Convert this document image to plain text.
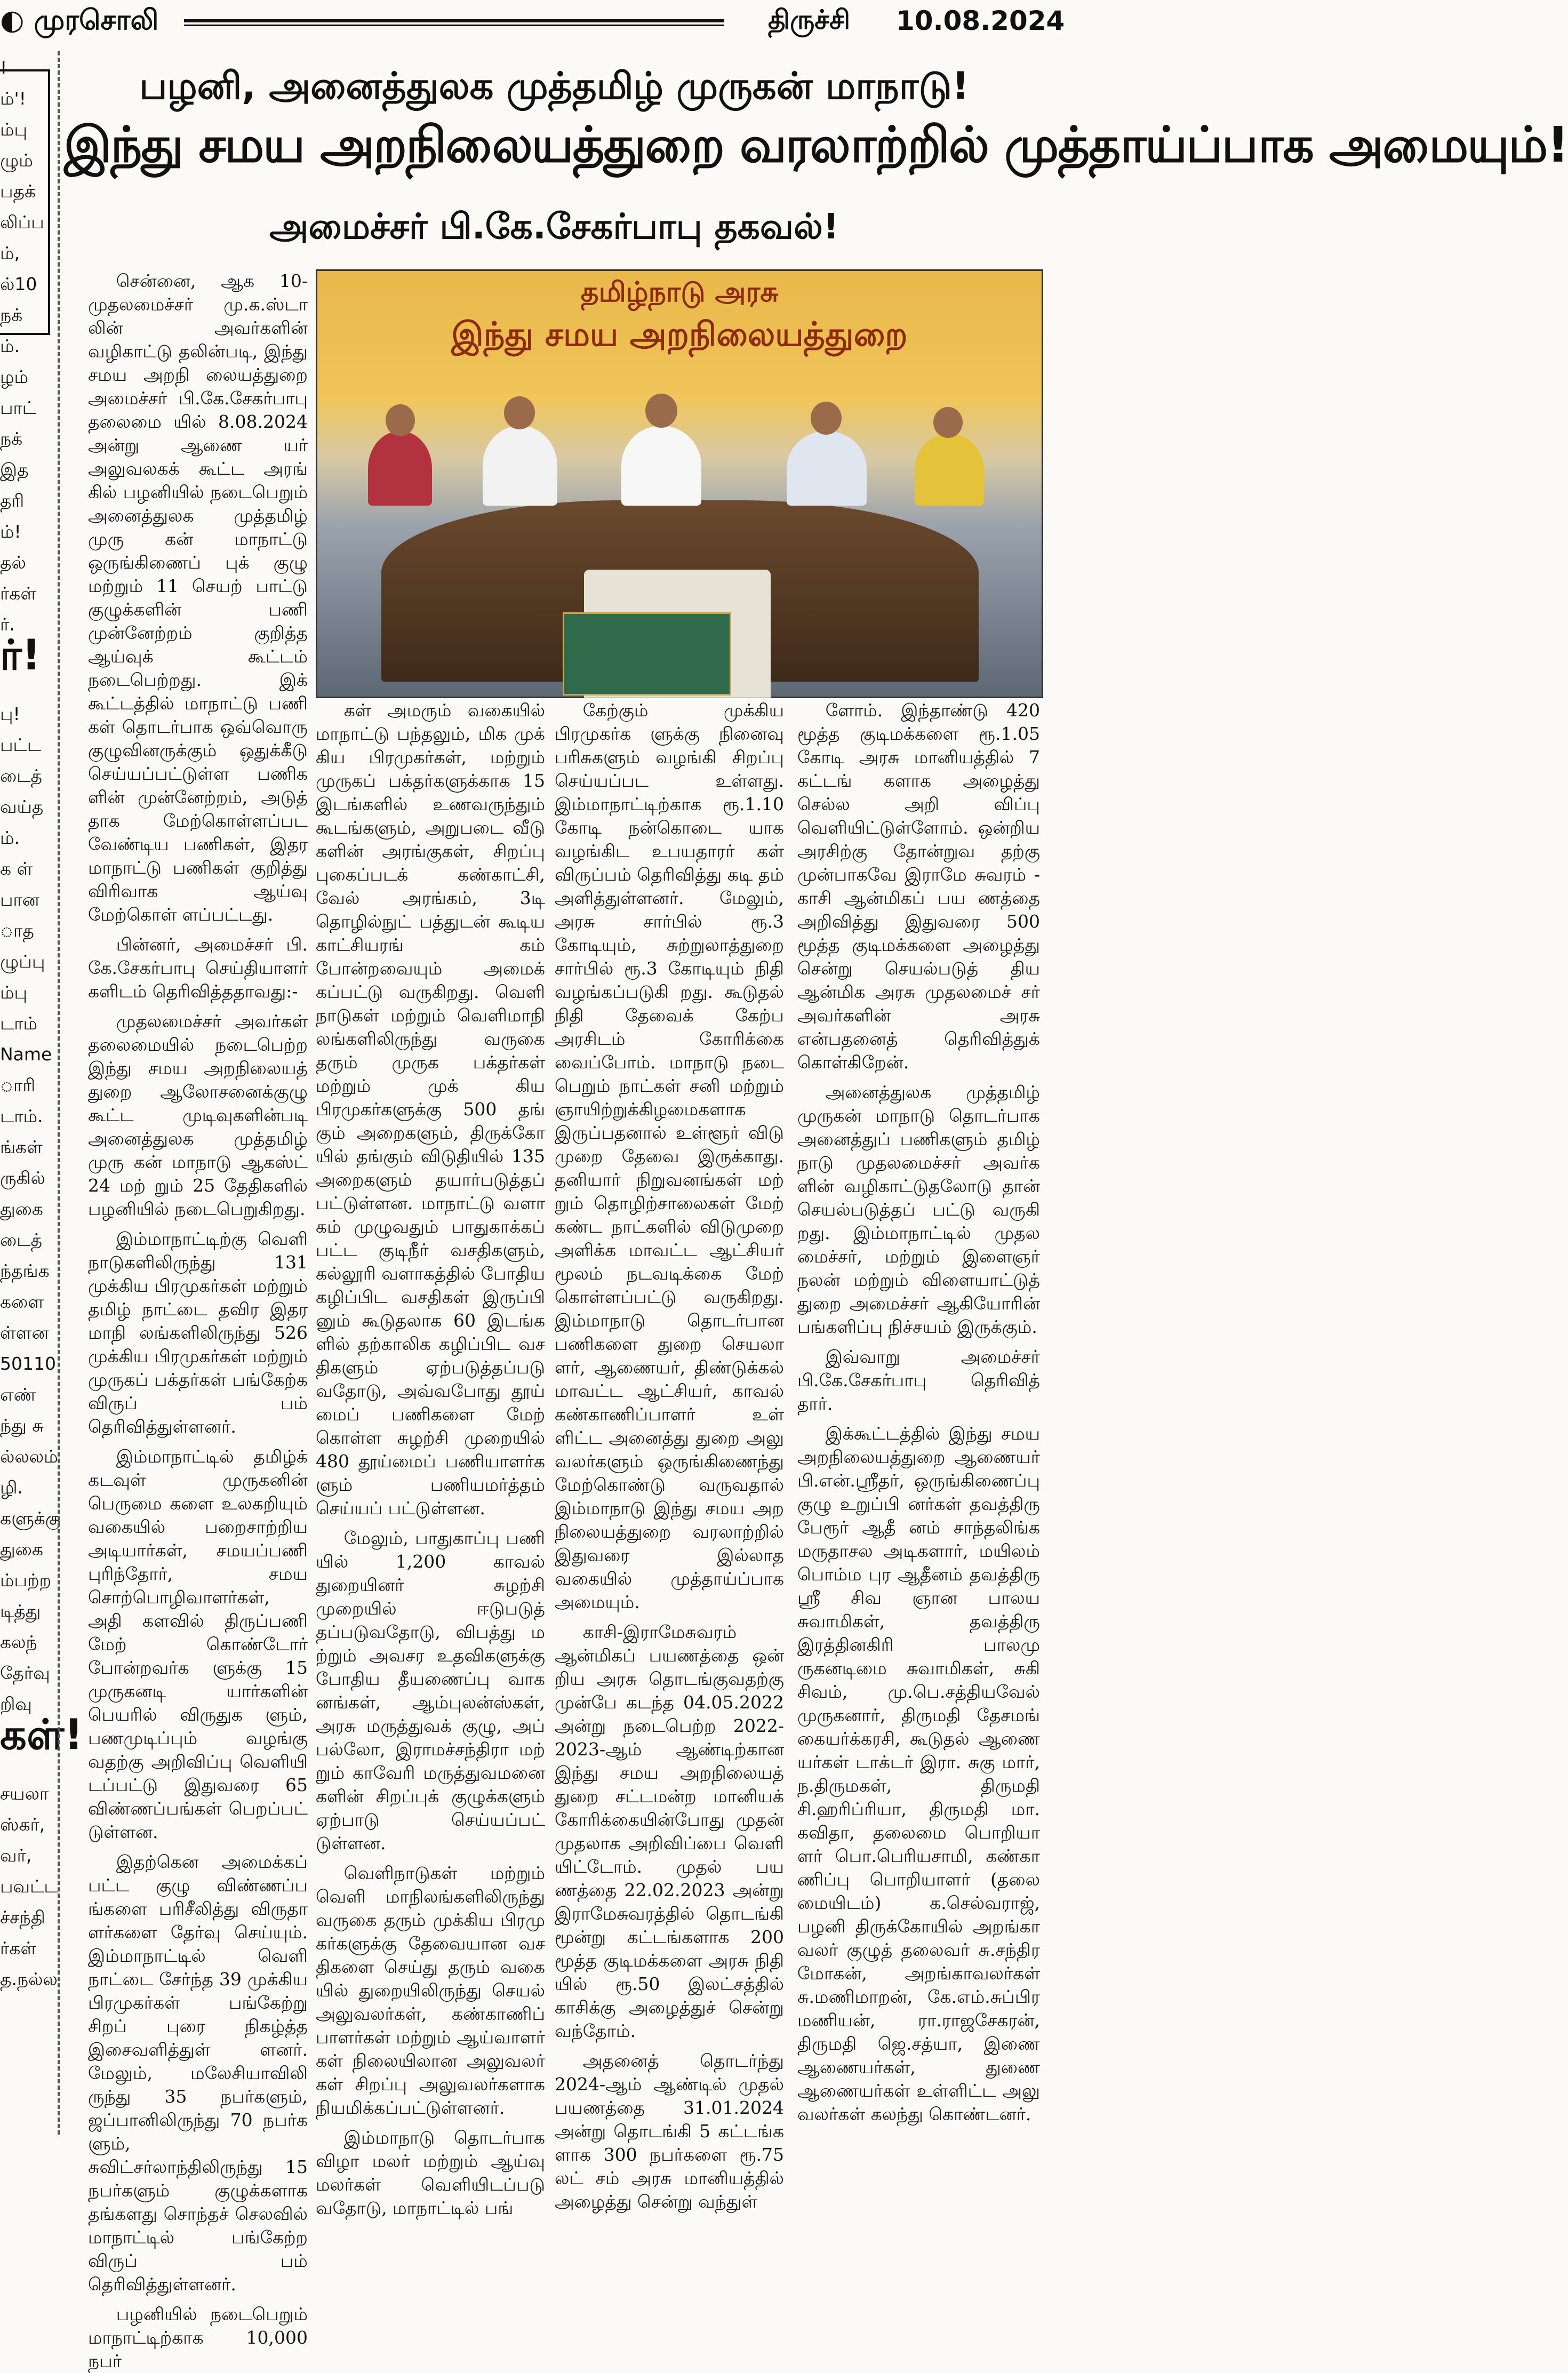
◐ முரசொலி	திருச்சி 10.08.2024
!
ம்'!
ம்பு
ழும்
பதக்
லிப்ப
ம்,
ல்10
நக்
ம்.
ழம்
பாட்
நக்
இத
தரி
ம்!
தல்
ர்கள்
ர்.
ர்!
பு!
பட்ட
டைத்
வய்த
ம்.
க ள்
பான
ாத
ழுப்பு
ம்பு
டாம்
Name
ாரி
டாம்.
ங்கள்
ருகில்
துகை
டைத்
ந்தங்க
களை
ள்ளன
50110
எண்
ந்து சு
ல்லலம்
ழி.
களுக்கு
துகை
ம்பற்ற
டித்து
கலந்
தேர்வு
றிவு
கள்!
சயலா
ஸ்கர்,
வர்,
பவட்ட
ச்சந்தி
ர்கள்
த.நல்ல
பழனி, அனைத்துலக முத்தமிழ் முருகன் மாநாடு!
இந்து சமய அறநிலையத்துறை வரலாற்றில் முத்தாய்ப்பாக அமையும்!
அமைச்சர் பி.கே.சேகர்பாபு தகவல்!

சென்னை, ஆக 10- முதலமைச்சர் மு.க.ஸ்டா லின் அவர்களின் வழிகாட்டு தலின்படி, இந்து சமய அறநி லையத்துறை அமைச்சர் பி.கே.சேகர்பாபு தலைமை யில் 8.08.2024 அன்று ஆணை யர் அலுவலகக் கூட்ட அரங் கில் பழனியில் நடைபெறும் அனைத்துலக முத்தமிழ் முரு கன் மாநாட்டு ஒருங்கிணைப் புக் குழு மற்றும் 11 செயற் பாட்டு குழுக்களின் பணி முன்னேற்றம் குறித்த ஆய்வுக் கூட்டம் நடைபெற்றது. இக் கூட்டத்தில் மாநாட்டு பணி கள் தொடர்பாக ஒவ்வொரு குழுவினருக்கும் ஒதுக்கீடு செய்யப்பட்டுள்ள பணிக ளின் முன்னேற்றம், அடுத் தாக மேற்கொள்ளப்பட வேண்டிய பணிகள், இதர மாநாட்டு பணிகள் குறித்து விரிவாக ஆய்வு மேற்கொள் ளப்பட்டது.

பின்னர், அமைச்சர் பி. கே.சேகர்பாபு செய்தியாளர் களிடம் தெரிவித்ததாவது:-

முதலமைச்சர் அவர்கள் தலைமையில் நடைபெற்ற இந்து சமய அறநிலையத் துறை ஆலோசனைக்குழு கூட்ட முடிவுகளின்படி அனைத்துலக முத்தமிழ் முரு கன் மாநாடு ஆகஸ்ட் 24 மற் றும் 25 தேதிகளில் பழனியில் நடைபெறுகிறது.

இம்மாநாட்டிற்கு வெளி நாடுகளிலிருந்து 131 முக்கிய பிரமுகர்கள் மற்றும் தமிழ் நாட்டை தவிர இதர மாநி லங்களிலிருந்து 526 முக்கிய பிரமுகர்கள் மற்றும் முருகப் பக்தர்கள் பங்கேற்க விருப் பம் தெரிவித்துள்ளனர்.

இம்மாநாட்டில் தமிழ்க் கடவுள் முருகனின் பெருமை களை உலகறியும் வகையில் பறைசாற்றிய அடியார்கள், சமயப்பணி புரிந்தோர், சமய சொற்பொழிவாளர்கள், அதி களவில் திருப்பணி மேற் கொண்டோர் போன்றவர்க ளுக்கு 15 முருகனடி யார்களின் பெயரில் விருதுக ளும், பணமுடிப்பும் வழங்கு வதற்கு அறிவிப்பு வெளியி டப்பட்டு இதுவரை 65 விண்ணப்பங்கள் பெறப்பட் டுள்ளன.

இதற்கென அமைக்கப் பட்ட குழு விண்ணப்ப ங்களை பரிசீலித்து விருதா ளர்களை தேர்வு செய்யும். இம்மாநாட்டில் வெளி நாட்டை சேர்ந்த 39 முக்கிய பிரமுகர்கள் பங்கேற்று சிறப் புரை நிகழ்த்த இசைவளித்துள் ளனர். மேலும், மலேசியாவிலி ருந்து 35 நபர்களும், ஜப்பானிலிருந்து 70 நபர்க ளும், சுவிட்சர்லாந்திலிருந்து 15 நபர்களும் குழுக்களாக தங்களது சொந்தச் செலவில் மாநாட்டில் பங்கேற்ற விருப் பம் தெரிவித்துள்ளனர்.

பழனியில் நடைபெறும் மாநாட்டிற்காக 10,000 நபர்

தமிழ்நாடு அரசு
இந்து சமய அறநிலையத்துறை

கள் அமரும் வகையில் மாநாட்டு பந்தலும், மிக முக் கிய பிரமுகர்கள், மற்றும் முருகப் பக்தர்களுக்காக 15 இடங்களில் உணவருந்தும் கூடங்களும், அறுபடை வீடு களின் அரங்குகள், சிறப்பு புகைப்படக் கண்காட்சி, வேல் அரங்கம், 3டி தொழில்நுட் பத்துடன் கூடிய காட்சியரங் கம் போன்றவையும் அமைக் கப்பட்டு வருகிறது. வெளி நாடுகள் மற்றும் வெளிமாநி லங்களிலிருந்து வருகை தரும் முருக பக்தர்கள் மற்றும் முக் கிய பிரமுகர்களுக்கு 500 தங் கும் அறைகளும், திருக்கோ யில் தங்கும் விடுதியில் 135 அறைகளும் தயார்படுத்தப் பட்டுள்ளன. மாநாட்டு வளா கம் முழுவதும் பாதுகாக்கப் பட்ட குடிநீர் வசதிகளும், கல்லூரி வளாகத்தில் போதிய கழிப்பிட வசதிகள் இருப்பி னும் கூடுதலாக 60 இடங்க ளில் தற்காலிக கழிப்பிட வச திகளும் ஏற்படுத்தப்படு வதோடு, அவ்வபோது தூய் மைப் பணிகளை மேற் கொள்ள சுழற்சி முறையில் 480 தூய்மைப் பணியாளர்க ளும் பணியமர்த்தம் செய்யப் பட்டுள்ளன.

மேலும், பாதுகாப்பு பணி யில் 1,200 காவல் துறையினர் சுழற்சி முறையில் ஈடுபடுத் தப்படுவதோடு, விபத்து ம ற்றும் அவசர உதவிகளுக்கு போதிய தீயணைப்பு வாக னங்கள், ஆம்புலன்ஸ்கள், அரசு மருத்துவக் குழு, அப் பல்லோ, இராமச்சந்திரா மற் றும் காவேரி மருத்துவமனை களின் சிறப்புக் குழுக்களும் ஏற்பாடு செய்யப்பட் டுள்ளன.

வெளிநாடுகள் மற்றும் வெளி மாநிலங்களிலிருந்து வருகை தரும் முக்கிய பிரமு கர்களுக்கு தேவையான வச திகளை செய்து தரும் வகை யில் துறையிலிருந்து செயல் அலுவலர்கள், கண்காணிப் பாளர்கள் மற்றும் ஆய்வாளர் கள் நிலையிலான அலுவலர் கள் சிறப்பு அலுவலர்களாக நியமிக்கப்பட்டுள்ளனர்.

இம்மாநாடு தொடர்பாக விழா மலர் மற்றும் ஆய்வு மலர்கள் வெளியிடப்படு வதோடு, மாநாட்டில் பங்

கேற்கும் முக்கிய பிரமுகர்க ளுக்கு நினைவு பரிசுகளும் வழங்கி சிறப்பு செய்யப்பட உள்ளது. இம்மாநாட்டிற்காக ரூ.1.10 கோடி நன்கொடை யாக வழங்கிட உபயதாரர் கள் விருப்பம் தெரிவித்து கடி தம் அளித்துள்ளனர். மேலும், அரசு சார்பில் ரூ.3 கோடியும், சுற்றுலாத்துறை சார்பில் ரூ.3 கோடியும் நிதி வழங்கப்படுகி றது. கூடுதல் நிதி தேவைக் கேற்ப அரசிடம் கோரிக்கை வைப்போம். மாநாடு நடை பெறும் நாட்கள் சனி மற்றும் ஞாயிற்றுக்கிழமைகளாக இருப்பதனால் உள்ளூர் விடு முறை தேவை இருக்காது. தனியார் நிறுவனங்கள் மற் றும் தொழிற்சாலைகள் மேற் கண்ட நாட்களில் விடுமுறை அளிக்க மாவட்ட ஆட்சியர் மூலம் நடவடிக்கை மேற் கொள்ளப்பட்டு வருகிறது. இம்மாநாடு தொடர்பான பணிகளை துறை செயலா ளர், ஆணையர், திண்டுக்கல் மாவட்ட ஆட்சியர், காவல் கண்காணிப்பாளர் உள் ளிட்ட அனைத்து துறை அலு வலர்களும் ஒருங்கிணைந்து மேற்கொண்டு வருவதால் இம்மாநாடு இந்து சமய அற நிலையத்துறை வரலாற்றில் இதுவரை இல்லாத வகையில் முத்தாய்ப்பாக அமையும்.

காசி-இராமேசுவரம் ஆன்மிகப் பயணத்தை ஒன் றிய அரசு தொடங்குவதற்கு முன்பே கடந்த 04.05.2022 அன்று நடைபெற்ற 2022-2023-ஆம் ஆண்டிற்கான இந்து சமய அறநிலையத் துறை சட்டமன்ற மானியக் கோரிக்கையின்போது முதன் முதலாக அறிவிப்பை வெளி யிட்டோம். முதல் பய ணத்தை 22.02.2023 அன்று இராமேசுவரத்தில் தொடங்கி மூன்று கட்டங்களாக 200 மூத்த குடிமக்களை அரசு நிதி யில் ரூ.50 இலட்சத்தில் காசிக்கு அழைத்துச் சென்று வந்தோம்.

அதனைத் தொடர்ந்து 2024-ஆம் ஆண்டில் முதல் பயணத்தை 31.01.2024 அன்று தொடங்கி 5 கட்டங்க ளாக 300 நபர்களை ரூ.75 லட் சம் அரசு மானியத்தில் அழைத்து சென்று வந்துள்

ளோம். இந்தாண்டு 420 மூத்த குடிமக்களை ரூ.1.05 கோடி அரசு மானியத்தில் 7 கட்டங் களாக அழைத்து செல்ல அறி விப்பு வெளியிட்டுள்ளோம். ஒன்றிய அரசிற்கு தோன்றுவ தற்கு முன்பாகவே இராமே சுவரம் - காசி ஆன்மிகப் பய ணத்தை அறிவித்து இதுவரை 500 மூத்த குடிமக்களை அழைத்து சென்று செயல்படுத் திய ஆன்மிக அரசு முதலமைச் சர் அவர்களின் அரசு என்பதனைத் தெரிவித்துக் கொள்கிறேன்.

அனைத்துலக முத்தமிழ் முருகன் மாநாடு தொடர்பாக அனைத்துப் பணிகளும் தமிழ் நாடு முதலமைச்சர் அவர்க ளின் வழிகாட்டுதலோடு தான் செயல்படுத்தப் பட்டு வருகி றது. இம்மாநாட்டில் முதல மைச்சர், மற்றும் இளைஞர் நலன் மற்றும் விளையாட்டுத் துறை அமைச்சர் ஆகியோரின் பங்களிப்பு நிச்சயம் இருக்கும்.

இவ்வாறு அமைச்சர் பி.கே.சேகர்பாபு தெரிவித் தார்.

இக்கூட்டத்தில் இந்து சமய அறநிலையத்துறை ஆணையர் பி.என்.ஸ்ரீதர், ஒருங்கிணைப்பு குழு உறுப்பி னர்கள் தவத்திரு பேரூர் ஆதீ னம் சாந்தலிங்க மருதாசல அடிகளார், மயிலம் பொம்ம புர ஆதீனம் தவத்திரு ஸ்ரீ சிவ ஞான பாலய சுவாமிகள், தவத்திரு இரத்தினகிரி பாலமு ருகனடிமை சுவாமிகள், சுகி சிவம், மு.பெ.சத்தியவேல் முருகனார், திருமதி தேசமங் கையர்க்கரசி, கூடுதல் ஆணை யர்கள் டாக்டர் இரா. சுகு மார், ந.திருமகள், திருமதி சி.ஹரிப்ரியா, திருமதி மா. கவிதா, தலைமை பொறியா ளர் பொ.பெரியசாமி, கண்கா ணிப்பு பொறியாளர் (தலை மையிடம்) க.செல்வராஜ், பழனி திருக்கோயில் அறங்கா வலர் குழுத் தலைவர் சு.சந்திர மோகன், அறங்காவலர்கள் சு.மணிமாறன், கே.எம்.சுப்பிர மணியன், ரா.ராஜசேகரன், திருமதி ஜெ.சத்யா, இணை ஆணையர்கள், துணை ஆணையர்கள் உள்ளிட்ட அலு வலர்கள் கலந்து கொண்டனர்.
